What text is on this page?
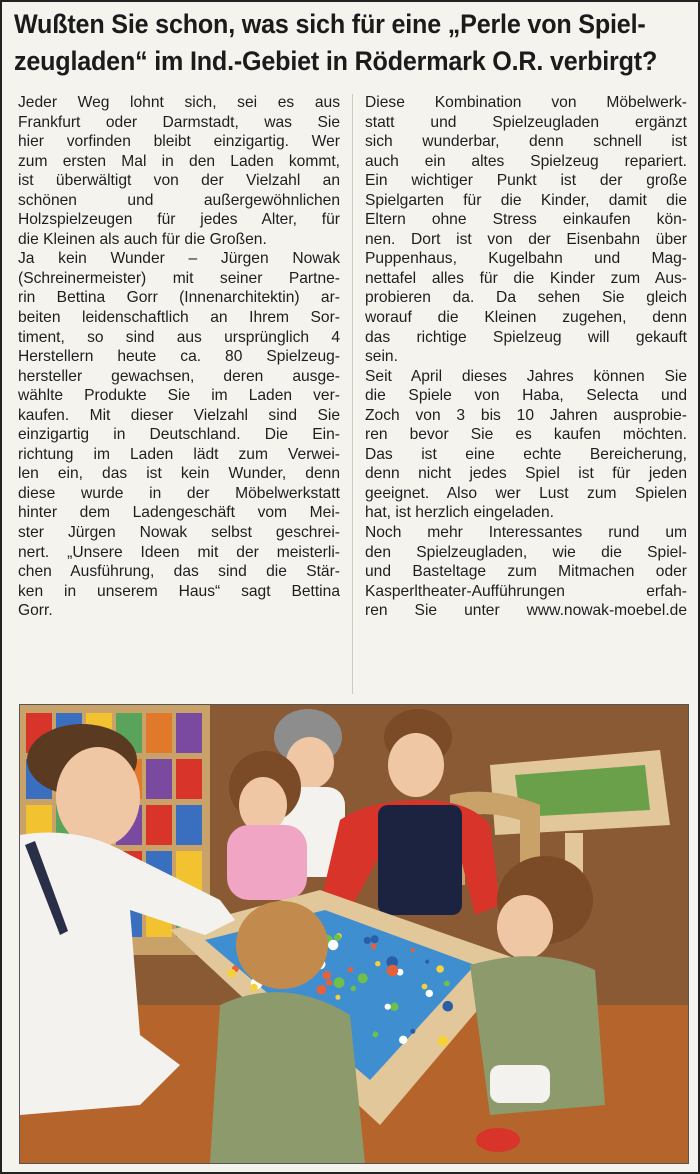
Wußten Sie schon, was sich für eine „Perle von Spiel-
zeugladen“ im Ind.-Gebiet in Rödermark O.R. verbirgt?
Jeder Weg lohnt sich, sei es aus
Frankfurt oder Darmstadt, was Sie
hier vorfinden bleibt einzigartig. Wer
zum ersten Mal in den Laden kommt,
ist überwältigt von der Vielzahl an
schönen und außergewöhnlichen
Holzspielzeugen für jedes Alter, für
die Kleinen als auch für die Großen.
Ja kein Wunder – Jürgen Nowak
(Schreinermeister) mit seiner Partne-
rin Bettina Gorr (Innenarchitektin) ar-
beiten leidenschaftlich an Ihrem Sor-
timent, so sind aus ursprünglich 4
Herstellern heute ca. 80 Spielzeug-
hersteller gewachsen, deren ausge-
wählte Produkte Sie im Laden ver-
kaufen. Mit dieser Vielzahl sind Sie
einzigartig in Deutschland. Die Ein-
richtung im Laden lädt zum Verwei-
len ein, das ist kein Wunder, denn
diese wurde in der Möbelwerkstatt
hinter dem Ladengeschäft vom Mei-
ster Jürgen Nowak selbst geschrei-
nert. „Unsere Ideen mit der meisterli-
chen Ausführung, das sind die Stär-
ken in unserem Haus“ sagt Bettina
Gorr.
Diese Kombination von Möbelwerk-
statt und Spielzeugladen ergänzt
sich wunderbar, denn schnell ist
auch ein altes Spielzeug repariert.
Ein wichtiger Punkt ist der große
Spielgarten für die Kinder, damit die
Eltern ohne Stress einkaufen kön-
nen. Dort ist von der Eisenbahn über
Puppenhaus, Kugelbahn und Mag-
nettafel alles für die Kinder zum Aus-
probieren da. Da sehen Sie gleich
worauf die Kleinen zugehen, denn
das richtige Spielzeug will gekauft
sein.
Seit April dieses Jahres können Sie
die Spiele von Haba, Selecta und
Zoch von 3 bis 10 Jahren ausprobie-
ren bevor Sie es kaufen möchten.
Das ist eine echte Bereicherung,
denn nicht jedes Spiel ist für jeden
geeignet. Also wer Lust zum Spielen
hat, ist herzlich eingeladen.
Noch mehr Interessantes rund um
den Spielzeugladen, wie die Spiel-
und Basteltage zum Mitmachen oder
Kasperltheater-Aufführungen erfah-
ren Sie unter www.nowak-moebel.de
